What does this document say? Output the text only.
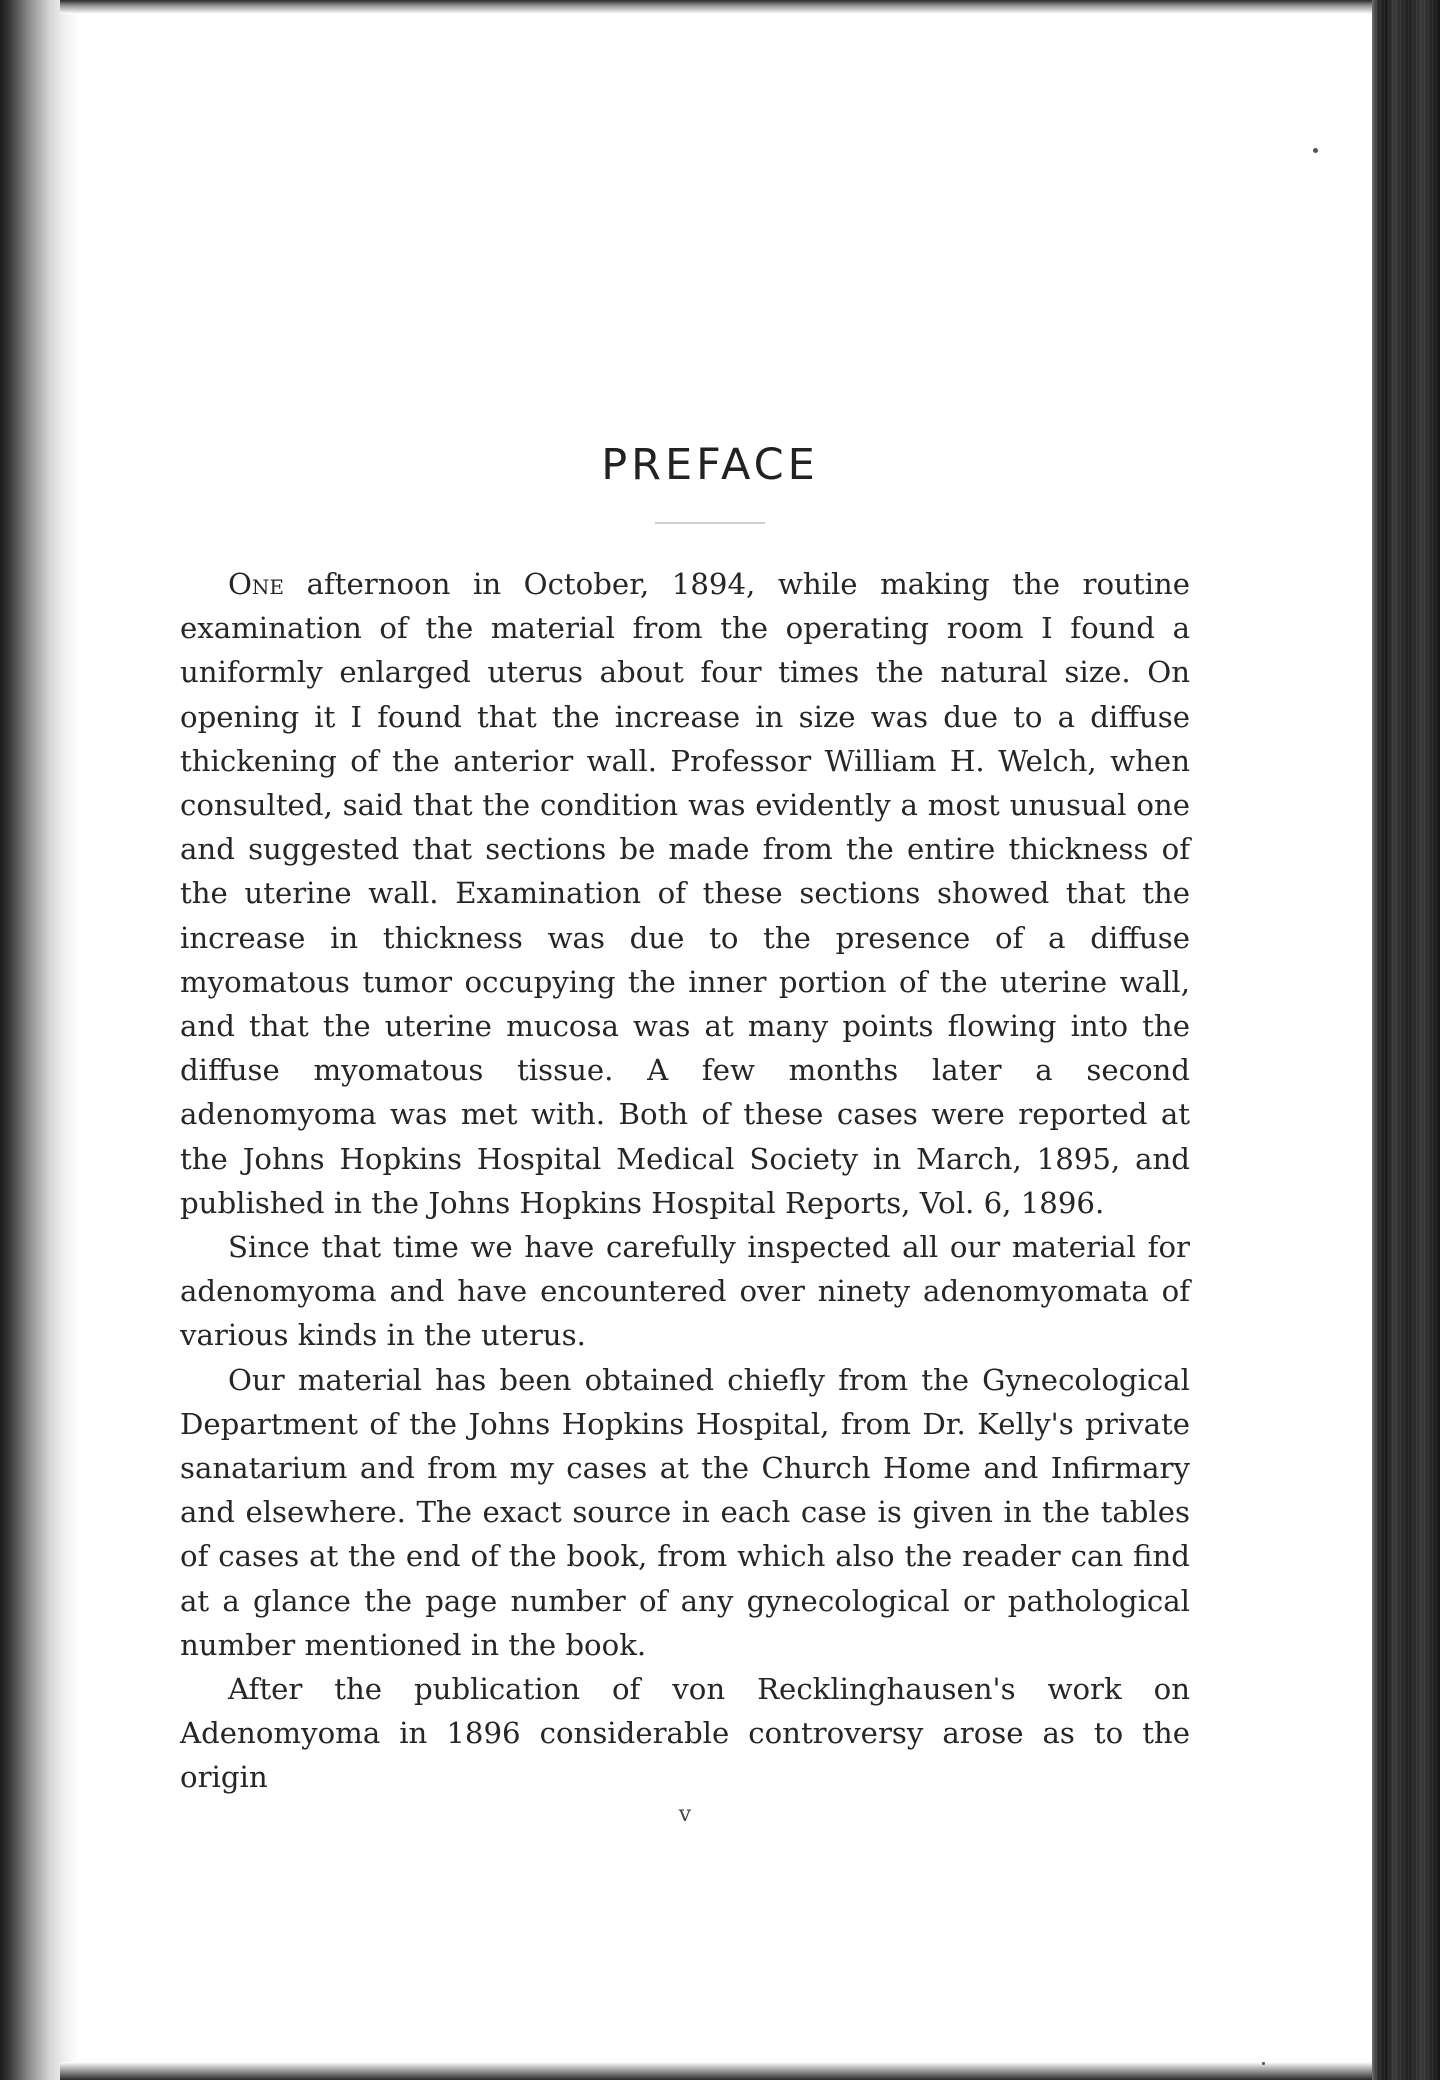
PREFACE

One afternoon in October, 1894, while making the routine examination of the material from the operating room I found a uniformly enlarged uterus about four times the natural size. On opening it I found that the increase in size was due to a diffuse thickening of the anterior wall. Professor William H. Welch, when consulted, said that the condition was evidently a most unusual one and suggested that sections be made from the entire thickness of the uterine wall. Examination of these sections showed that the increase in thickness was due to the presence of a diffuse myomatous tumor occupying the inner portion of the uterine wall, and that the uterine mucosa was at many points flowing into the diffuse myomatous tissue. A few months later a second adenomyoma was met with. Both of these cases were reported at the Johns Hopkins Hospital Medical Society in March, 1895, and published in the Johns Hopkins Hospital Reports, Vol. 6, 1896.

Since that time we have carefully inspected all our material for adenomyoma and have encountered over ninety adenomyomata of various kinds in the uterus.

Our material has been obtained chiefly from the Gynecological Department of the Johns Hopkins Hospital, from Dr. Kelly's private sanatarium and from my cases at the Church Home and Infirmary and elsewhere. The exact source in each case is given in the tables of cases at the end of the book, from which also the reader can find at a glance the page number of any gynecological or pathological number mentioned in the book.

After the publication of von Recklinghausen's work on Adenomyoma in 1896 considerable controversy arose as to the origin

v
